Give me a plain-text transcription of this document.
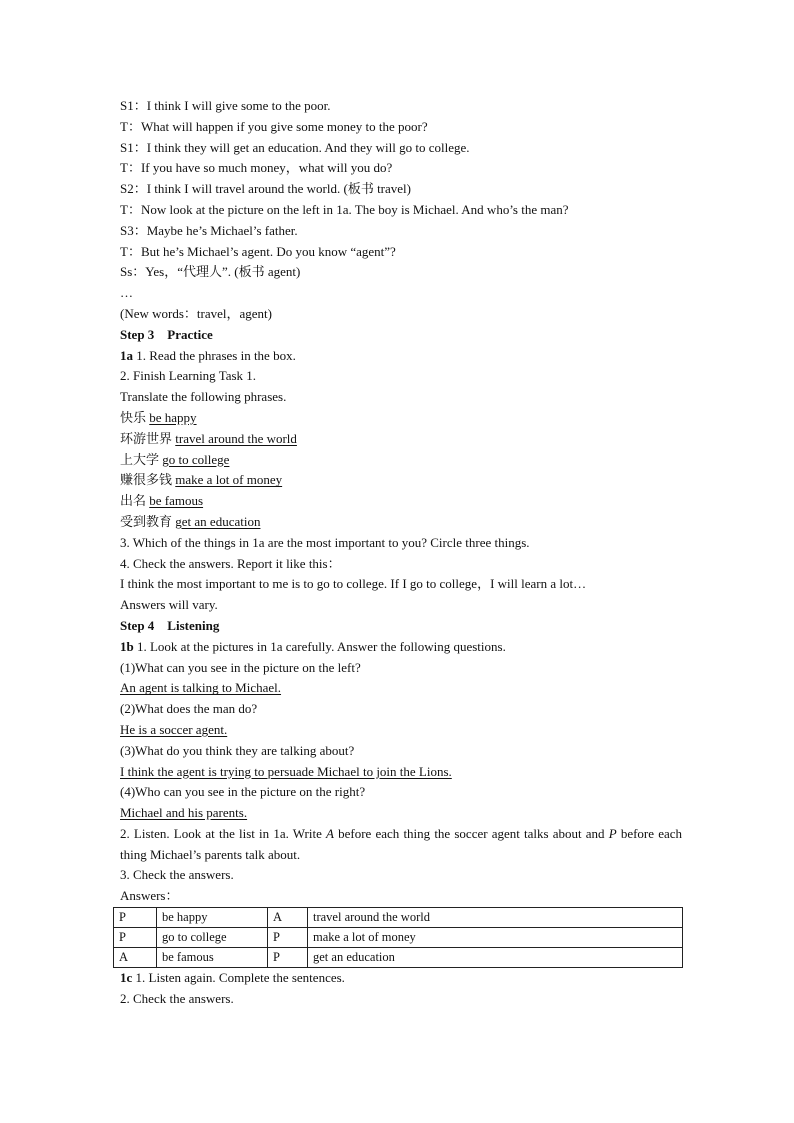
S1：I think I will give some to the poor.
T：What will happen if you give some money to the poor?
S1：I think they will get an education. And they will go to college.
T：If you have so much money，what will you do?
S2：I think I will travel around the world. (板书 travel)
T：Now look at the picture on the left in 1a. The boy is Michael. And who’s the man?
S3：Maybe he’s Michael’s father.
T：But he’s Michael’s agent. Do you know “agent”?
Ss：Yes，“代理人”. (板书 agent)
…
(New words：travel，agent)
Step 3　Practice
1a 1. Read the phrases in the box.
2. Finish Learning Task 1.
Translate the following phrases.
快乐 be happy
环游世界 travel around the world
上大学 go to college
赚很多钱 make a lot of money
出名 be famous
受到教育 get an education
3. Which of the things in 1a are the most important to you? Circle three things.
4. Check the answers. Report it like this：
I think the most important to me is to go to college. If I go to college，I will learn a lot…
Answers will vary.
Step 4　Listening
1b 1. Look at the pictures in 1a carefully. Answer the following questions.
(1)What can you see in the picture on the left?
An agent is talking to Michael.
(2)What does the man do?
He is a soccer agent.
(3)What do you think they are talking about?
I think the agent is trying to persuade Michael to join the Lions.
(4)Who can you see in the picture on the right?
Michael and his parents.
2. Listen. Look at the list in 1a. Write A before each thing the soccer agent talks about and P before each thing Michael’s parents talk about.
3. Check the answers.
Answers：
P	be happy	A	travel around the world
P	go to college	P	make a lot of money
A	be famous	P	get an education
1c 1. Listen again. Complete the sentences.
2. Check the answers.
